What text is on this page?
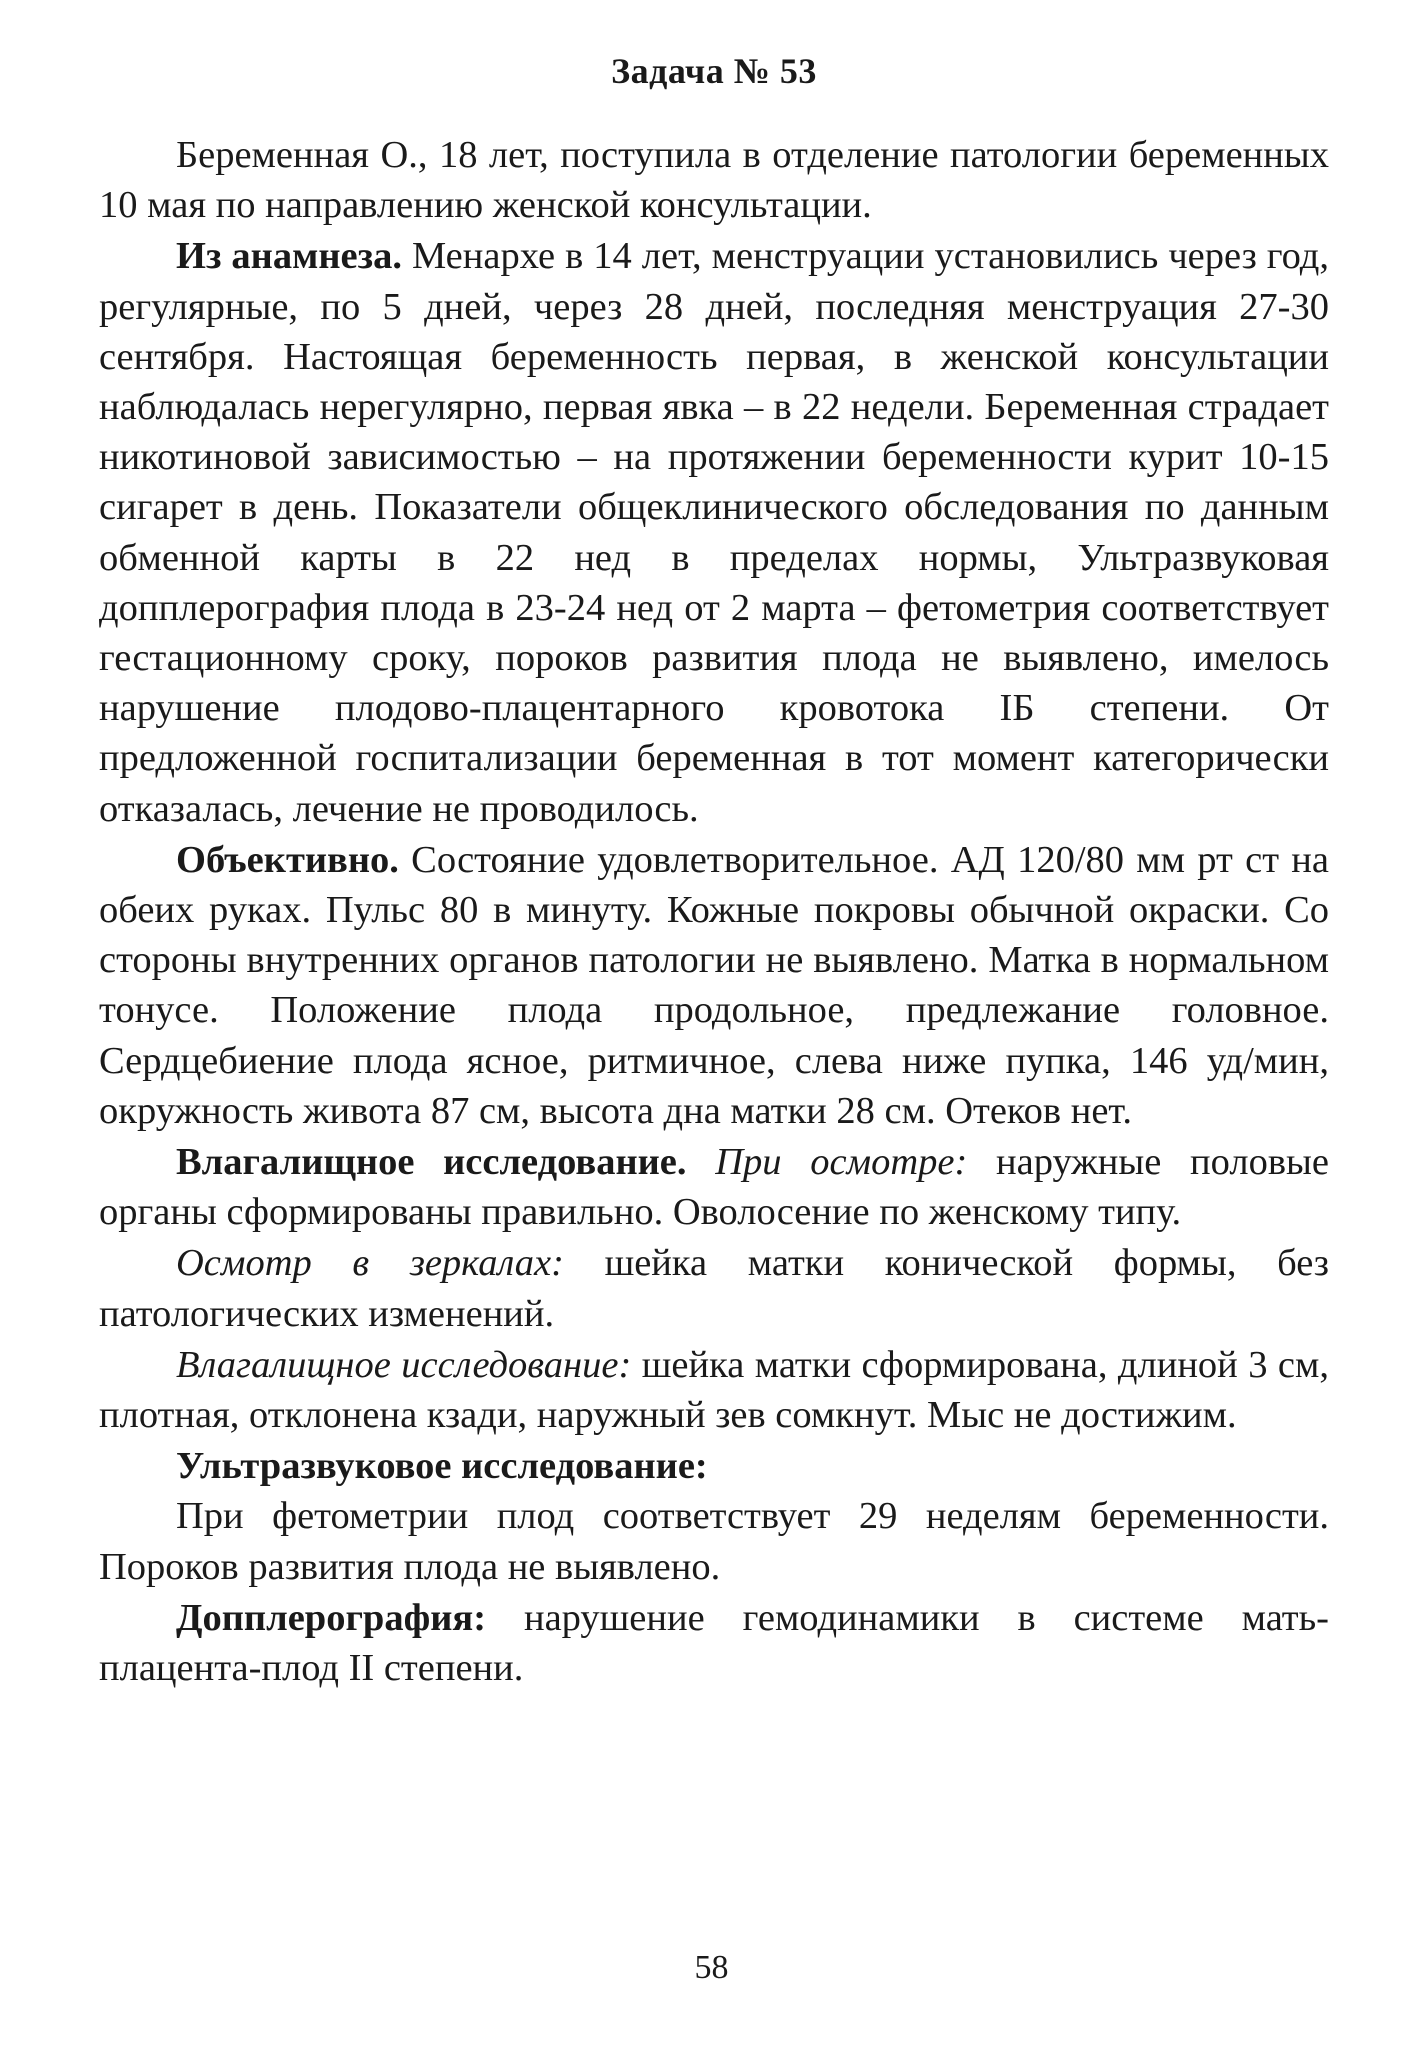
Задача № 53

Беременная О., 18 лет, поступила в отделение патологии беременных 10 мая по направлению женской консультации.

Из анамнеза. Менархе в 14 лет, менструации установились через год, регулярные, по 5 дней, через 28 дней, последняя менструация 27-30 сентября. Настоящая беременность первая, в женской консультации наблюдалась нерегулярно, первая явка – в 22 недели. Беременная страдает никотиновой зависимостью – на протяжении беременности курит 10-15 сигарет в день. Показатели общеклинического обследования по данным обменной карты в 22 нед в пределах нормы, Ультразвуковая допплерография плода в 23-24 нед от 2 марта – фетометрия соответствует гестационному сроку, пороков развития плода не выявлено, имелось нарушение плодово-плацентарного кровотока IБ степени. От предложенной госпитализации беременная в тот момент категорически отказалась, лечение не проводилось.

Объективно. Состояние удовлетворительное. АД 120/80 мм рт ст на обеих руках. Пульс 80 в минуту. Кожные покровы обычной окраски. Со стороны внутренних органов патологии не выявлено. Матка в нормальном тонусе. Положение плода продольное, предлежание головное. Сердцебиение плода ясное, ритмичное, слева ниже пупка, 146 уд/мин, окружность живота 87 см, высота дна матки 28 см. Отеков нет.

Влагалищное исследование. При осмотре: наружные половые органы сформированы правильно. Оволосение по женскому типу.

Осмотр в зеркалах: шейка матки конической формы, без патологических изменений.

Влагалищное исследование: шейка матки сформирована, длиной 3 см, плотная, отклонена кзади, наружный зев сомкнут. Мыс не достижим.

Ультразвуковое исследование:

При фетометрии плод соответствует 29 неделям беременности. Пороков развития плода не выявлено.

Допплерография: нарушение гемодинамики в системе мать-плацента-плод II степени.

58
